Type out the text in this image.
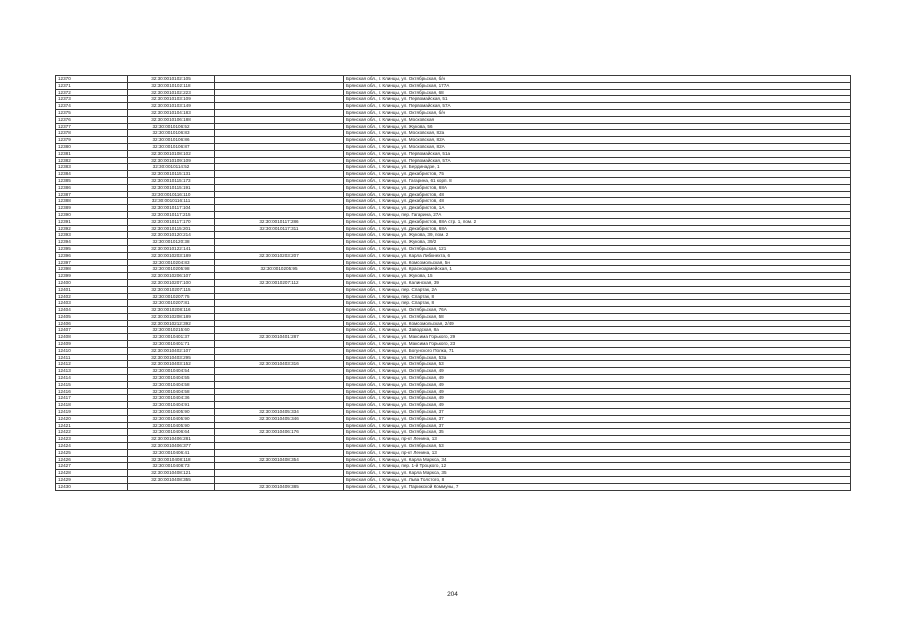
12370	32:30:0010102:105		Брянская обл., г. Клинцы, ул. Октябрьская, б/н
12371	32:30:0010102:118		Брянская обл., г. Клинцы, ул. Октябрьская, 177А
12372	32:30:0010102:223		Брянская обл., г. Клинцы, ул. Октябрьская, 68
12373	32:30:0010103:109		Брянская обл., г. Клинцы, ул. Первомайская, 51
12374	32:30:0010103:149		Брянская обл., г. Клинцы, ул. Первомайская, 57А
12375	32:30:0010104:183		Брянская обл., г. Клинцы, ул. Октябрьская, б/н
12376	32:30:0010106:188		Брянская обл., г. Клинцы, ул. Московская
12377	32:30:0010106:52		Брянская обл., г. Клинцы, ул. Жукова, 56
12378	32:30:0010106:83		Брянская обл., г. Клинцы, ул. Московская, 82а
12379	32:30:0010106:86		Брянская обл., г. Клинцы, ул. Московская, 82А
12380	32:30:0010106:87		Брянская обл., г. Клинцы, ул. Московская, 82А
12381	32:30:0010108:102		Брянская обл., г. Клинцы, ул. Первомайская, 51а
12382	32:30:0010109:109		Брянская обл., г. Клинцы, ул. Первомайская, 57А
12383	32:30:0010114:52		Брянская обл., г. Клинцы, ул. Бердинадзе, 1
12384	32:30:0010115:131		Брянская обл., г. Клинцы, ул. Декабристов, 75
12385	32:30:0010115:173		Брянская обл., г. Клинцы, ул. Гагарина, 61 корп. 8
12386	32:30:0010115:191		Брянская обл., г. Клинцы, ул. Декабристов, 68А
12387	32:30:0010116:110		Брянская обл., г. Клинцы, ул. Декабристов, 48
12388	32:30:0010116:111		Брянская обл., г. Клинцы, ул. Декабристов, 48
12389	32:30:0010117:104		Брянская обл., г. Клинцы, ул. Декабристов, 1А
12390	32:30:0010117:215		Брянская обл., г. Клинцы, пер. Гагарина, 27А
12391	32:30:0010117:170	32:30:0010117:286	Брянская обл., г. Клинцы, ул. Декабристов, 88А стр. 1, пом. 2
12392	32:30:0010115:201	32:30:0010117:311	Брянская обл., г. Клинцы, ул. Декабристов, 68А
12393	32:30:0010120:214		Брянская обл., г. Клинцы, ул. Жукова, 39, пом. 2
12394	32:30:0010120:38		Брянская обл., г. Клинцы, ул. Жукова, 39/2
12395	32:30:0010122:141		Брянская обл., г. Клинцы, ул. Октябрьская, 121
12396	32:30:0010203:189	32:30:0010203:207	Брянская обл., г. Клинцы, ул. Карла Либкнехта, 6
12397	32:30:0010204:83		Брянская обл., г. Клинцы, ул. Комсомольская, 5н
12398	32:30:0010205:98	32:30:0010205:95	Брянская обл., г. Клинцы, ул. Красноармейская, 1
12399	32:30:0010206:107		Брянская обл., г. Клинцы, ул. Жукова, 15
12400	32:30:0010207:100	32:30:0010207:112	Брянская обл., г. Клинцы, ул. Калинская, 39
12401	32:30:0010207:115		Брянская обл., г. Клинцы, пер. Спартак, 2А
12402	32:30:0010207:75		Брянская обл., г. Клинцы, пер. Спартак, 8
12403	32:30:0010207:81		Брянская обл., г. Клинцы, пер. Спартак, 8
12404	32:30:0010208:116		Брянская обл., г. Клинцы, ул. Октябрьская, 76А
12405	32:30:0010208:189		Брянская обл., г. Клинцы, ул. Октябрьская, 58
12406	32:30:0010212:392		Брянская обл., г. Клинцы, ул. Комсомольская, 2/49
12407	32:30:0010215:60		Брянская обл., г. Клинцы, ул. Заводская, 8а
12408	32:30:0010401:37	32:30:0010401:287	Брянская обл., г. Клинцы, ул. Максима Горького, 29
12409	32:30:0010401:71		Брянская обл., г. Клинцы, ул. Максима Горького, 23
12410	32:30:0010402:107		Брянская обл., г. Клинцы, ул. Богунского Полка, 71
12411	32:30:0010403:295		Брянская обл., г. Клинцы, ул. Октябрьская, 53а
12412	32:30:0010403:152	32:30:0010403:316	Брянская обл., г. Клинцы, ул. Октябрьская, 53
12413	32:30:0010404:54		Брянская обл., г. Клинцы, ул. Октябрьская, 49
12414	32:30:0010404:55		Брянская обл., г. Клинцы, ул. Октябрьская, 49
12415	32:30:0010404:58		Брянская обл., г. Клинцы, ул. Октябрьская, 49
12416	32:30:0010404:58		Брянская обл., г. Клинцы, ул. Октябрьская, 49
12417	32:30:0010404:36		Брянская обл., г. Клинцы, ул. Октябрьская, 49
12418	32:30:0010404:91		Брянская обл., г. Клинцы, ул. Октябрьская, 49
12419	32:30:0010405:90	32:30:0010405:334	Брянская обл., г. Клинцы, ул. Октябрьская, 37
12420	32:30:0010405:90	32:30:0010405:346	Брянская обл., г. Клинцы, ул. Октябрьская, 37
12421	32:30:0010405:90		Брянская обл., г. Клинцы, ул. Октябрьская, 37
12422	32:30:0010406:64	32:30:0010406:176	Брянская обл., г. Клинцы, ул. Октябрьская, 35
12423	32:30:0010406:281		Брянская обл., г. Клинцы, пр-кт Ленина, 13
12424	32:30:0010406:377		Брянская обл., г. Клинцы, ул. Октябрьская, 53
12425	32:30:0010406:41		Брянская обл., г. Клинцы, пр-кт Ленина, 13
12426	32:30:0010408:118	32:30:0010408:354	Брянская обл., г. Клинцы, ул. Карла Маркса, 34
12427	32:30:0010408:73		Брянская обл., г. Клинцы, пер. 1-й Троцкого, 12
12428	32:30:0010408:121		Брянская обл., г. Клинцы, ул. Карла Маркса, 35
12429	32:30:0010408:355		Брянская обл., г. Клинцы, ул. Льва Толстого, 8
12430		32:30:0010409:385	Брянская обл., г. Клинцы, ул. Парижской Коммуны, 7
204
